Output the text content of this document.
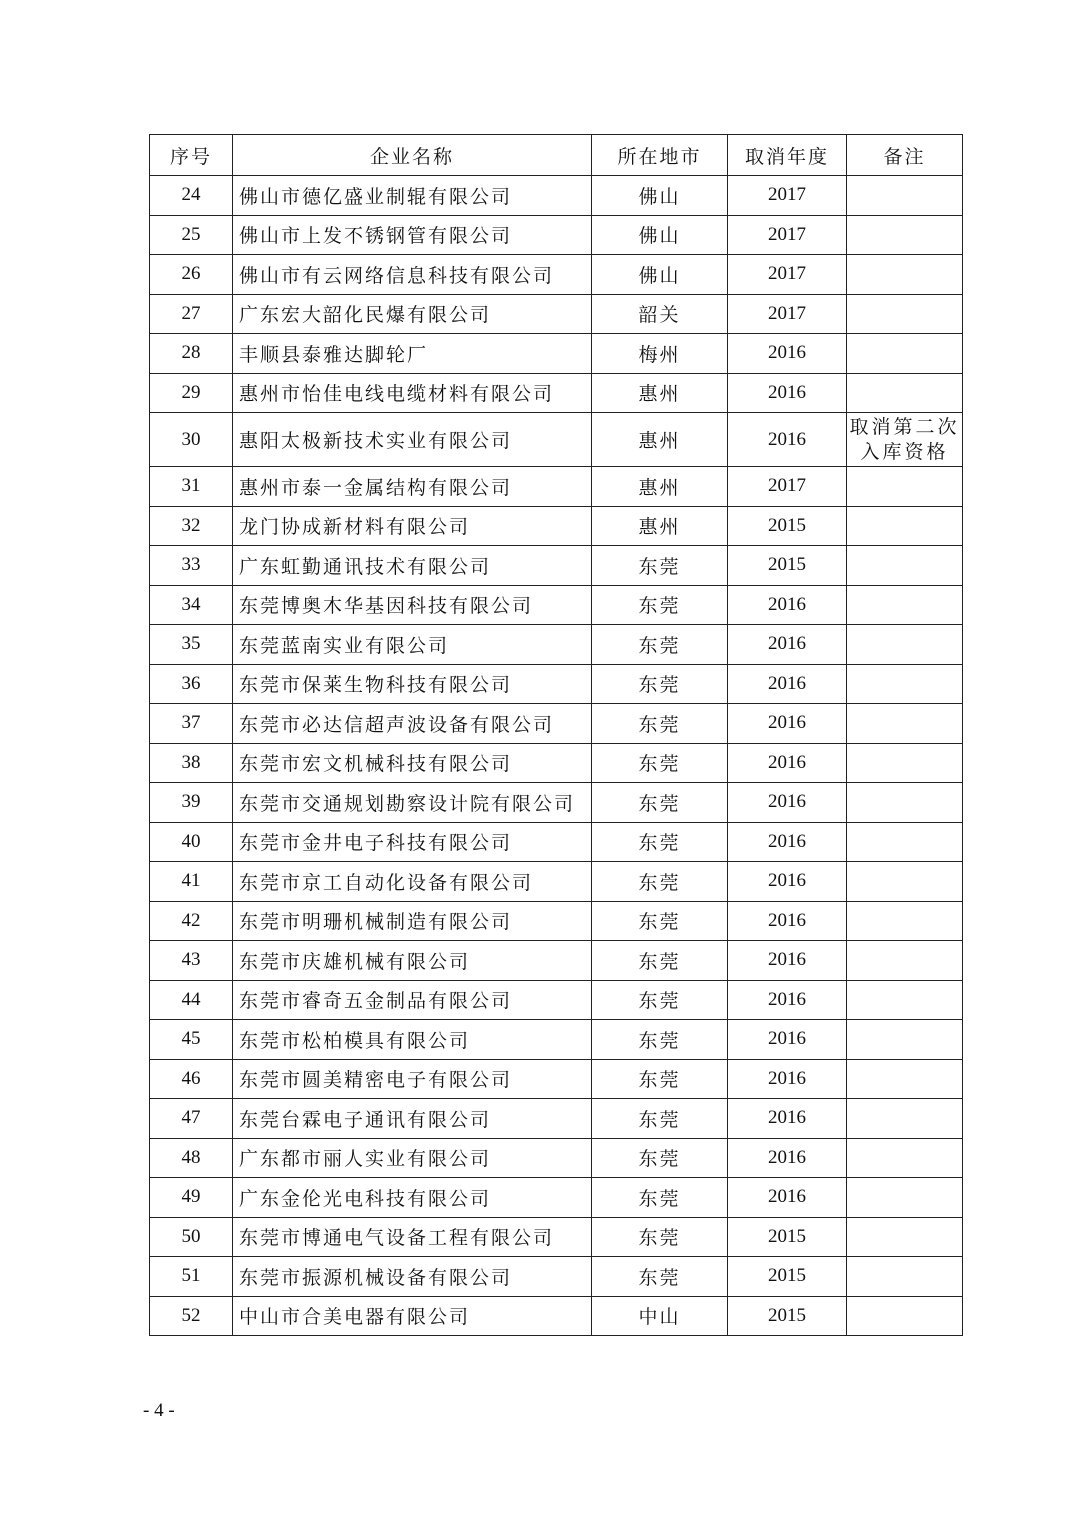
序号	企业名称	所在地市	取消年度	备注
24	佛山市德亿盛业制辊有限公司	佛山	2017	
25	佛山市上发不锈钢管有限公司	佛山	2017	
26	佛山市有云网络信息科技有限公司	佛山	2017	
27	广东宏大韶化民爆有限公司	韶关	2017	
28	丰顺县泰雅达脚轮厂	梅州	2016	
29	惠州市怡佳电线电缆材料有限公司	惠州	2016	
30	惠阳太极新技术实业有限公司	惠州	2016	取消第二次入库资格
31	惠州市泰一金属结构有限公司	惠州	2017	
32	龙门协成新材料有限公司	惠州	2015	
33	广东虹勤通讯技术有限公司	东莞	2015	
34	东莞博奥木华基因科技有限公司	东莞	2016	
35	东莞蓝南实业有限公司	东莞	2016	
36	东莞市保莱生物科技有限公司	东莞	2016	
37	东莞市必达信超声波设备有限公司	东莞	2016	
38	东莞市宏文机械科技有限公司	东莞	2016	
39	东莞市交通规划勘察设计院有限公司	东莞	2016	
40	东莞市金井电子科技有限公司	东莞	2016	
41	东莞市京工自动化设备有限公司	东莞	2016	
42	东莞市明珊机械制造有限公司	东莞	2016	
43	东莞市庆雄机械有限公司	东莞	2016	
44	东莞市睿奇五金制品有限公司	东莞	2016	
45	东莞市松柏模具有限公司	东莞	2016	
46	东莞市圆美精密电子有限公司	东莞	2016	
47	东莞台霖电子通讯有限公司	东莞	2016	
48	广东都市丽人实业有限公司	东莞	2016	
49	广东金伦光电科技有限公司	东莞	2016	
50	东莞市博通电气设备工程有限公司	东莞	2015	
51	东莞市振源机械设备有限公司	东莞	2015	
52	中山市合美电器有限公司	中山	2015	
- 4 -
